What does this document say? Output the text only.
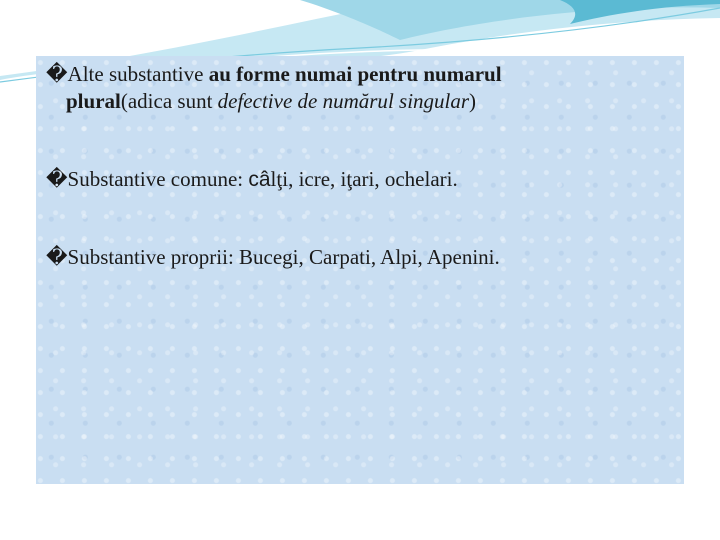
�Alte substantive au forme numai pentru numarul
plural(adica sunt defective de numărul singular)
�Substantive comune: câlţi, icre, iţari, ochelari.
�Substantive proprii: Bucegi, Carpati, Alpi, Apenini.
